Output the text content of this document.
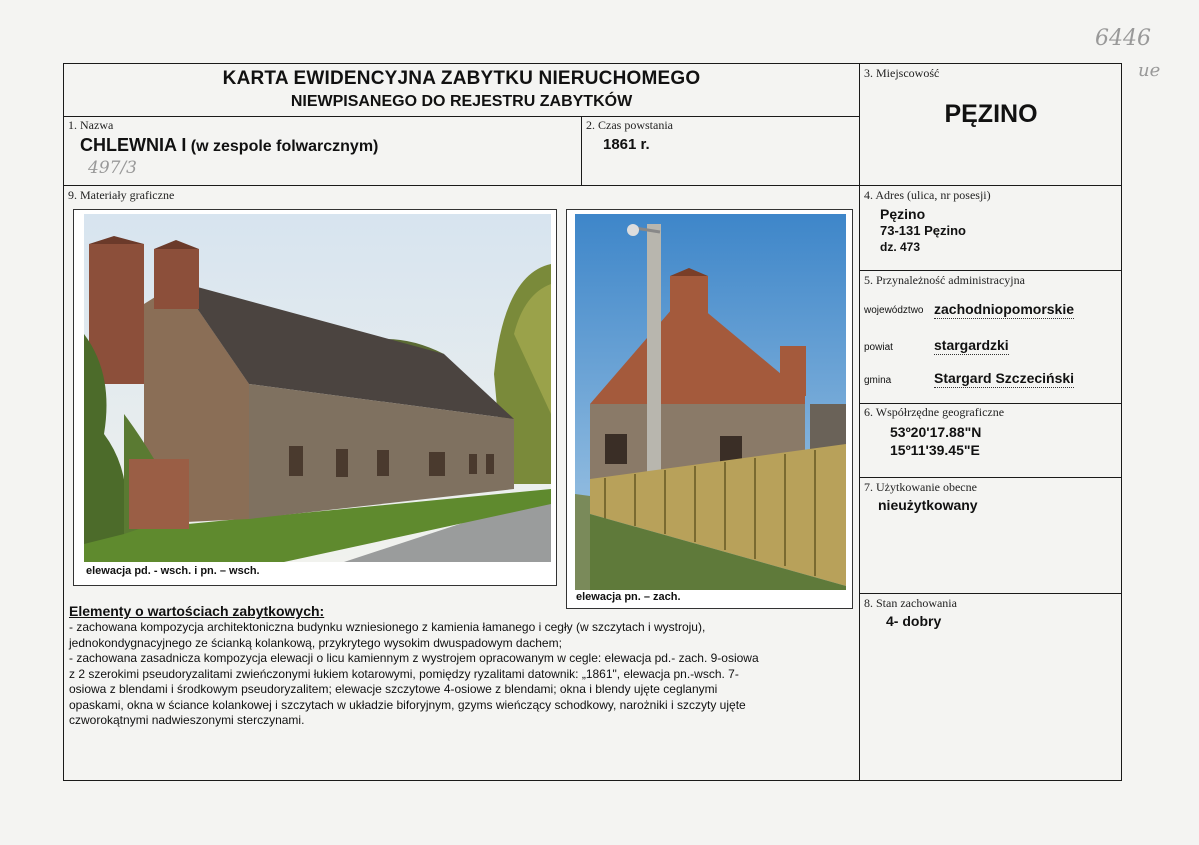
6446
ue
KARTA EWIDENCYJNA ZABYTKU NIERUCHOMEGO
NIEWPISANEGO DO REJESTRU ZABYTKÓW
1. Nazwa
CHLEWNIA I (w zespole folwarcznym)
497/3
2. Czas powstania
1861 r.
3. Miejscowość
PĘZINO
4. Adres (ulica, nr posesji)
Pęzino
73-131 Pęzino
dz. 473
5. Przynależność administracyjna
województwo zachodniopomorskie
powiat	stargardzki
gmina	Stargard Szczeciński
6. Współrzędne geograficzne
53º20'17.88"N
15º11'39.45"E
7. Użytkowanie obecne
nieużytkowany
8. Stan zachowania
4- dobry
9. Materiały graficzne
elewacja pd. - wsch. i pn. – wsch.
elewacja pn. – zach.
Elementy o wartościach zabytkowych:
- zachowana kompozycja architektoniczna budynku wzniesionego z kamienia łamanego i cegły (w szczytach i wystroju),
jednokondygnacyjnego ze ścianką kolankową, przykrytego wysokim dwuspadowym dachem;
- zachowana zasadnicza kompozycja elewacji o licu kamiennym z wystrojem opracowanym w cegle: elewacja pd.- zach. 9-osiowa
z 2 szerokimi pseudoryzalitami zwieńczonymi łukiem kotarowymi, pomiędzy ryzalitami datownik: „1861", elewacja pn.-wsch. 7-
osiowa z blendami i środkowym pseudoryzalitem; elewacje szczytowe 4-osiowe z blendami; okna i blendy ujęte ceglanymi
opaskami, okna w ściance kolankowej i szczytach w układzie biforyjnym, gzyms wieńczący schodkowy, narożniki i szczyty ujęte
czworokątnymi nadwieszonymi sterczynami.
